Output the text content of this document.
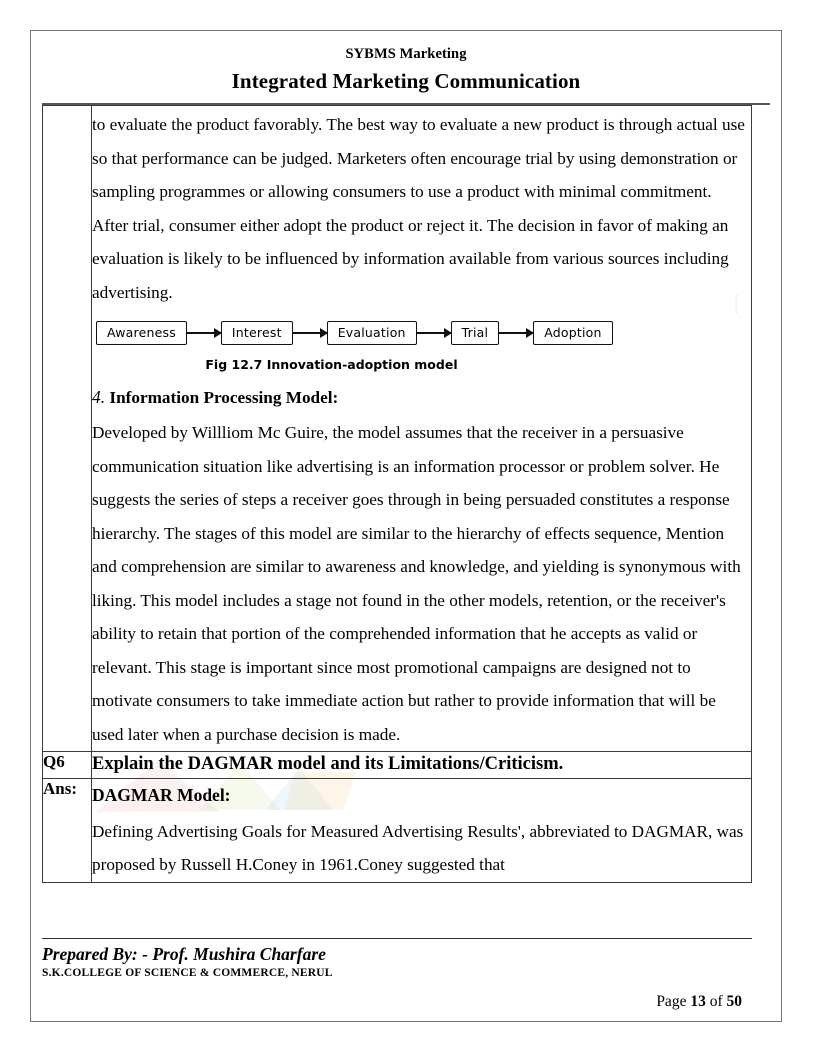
SYBMS Marketing
Integrated Marketing Communication

to evaluate the product favorably. The best way to evaluate a new product is through actual use so that performance can be judged. Marketers often encourage trial by using demonstration or sampling programmes or allowing consumers to use a product with minimal commitment. After trial, consumer either adopt the product or reject it. The decision in favor of making an evaluation is likely to be influenced by information available from various sources including advertising.

Awareness	Interest	Evaluation	Trial	Adoption
Fig 12.7 Innovation-adoption model
4. Information Processing Model:

Developed by Willliom Mc Guire, the model assumes that the receiver in a persuasive communication situation like advertising is an information processor or problem solver. He suggests the series of steps a receiver goes through in being persuaded constitutes a response hierarchy. The stages of this model are similar to the hierarchy of effects sequence, Mention and comprehension are similar to awareness and knowledge, and yielding is synonymous with liking. This model includes a stage not found in the other models, retention, or the receiver's ability to retain that portion of the comprehended information that he accepts as valid or relevant. This stage is important since most promotional campaigns are designed not to motivate consumers to take immediate action but rather to provide information that will be used later when a purchase decision is made.

Q6	Explain the DAGMAR model and its Limitations/Criticism.
Ans:	DAGMAR Model:

Defining Advertising Goals for Measured Advertising Results', abbreviated to DAGMAR, was proposed by Russell H.Coney in 1961.Coney suggested that

Prepared By: - Prof. Mushira Charfare
S.K.COLLEGE OF SCIENCE & COMMERCE, NERUL
Page 13 of 50
